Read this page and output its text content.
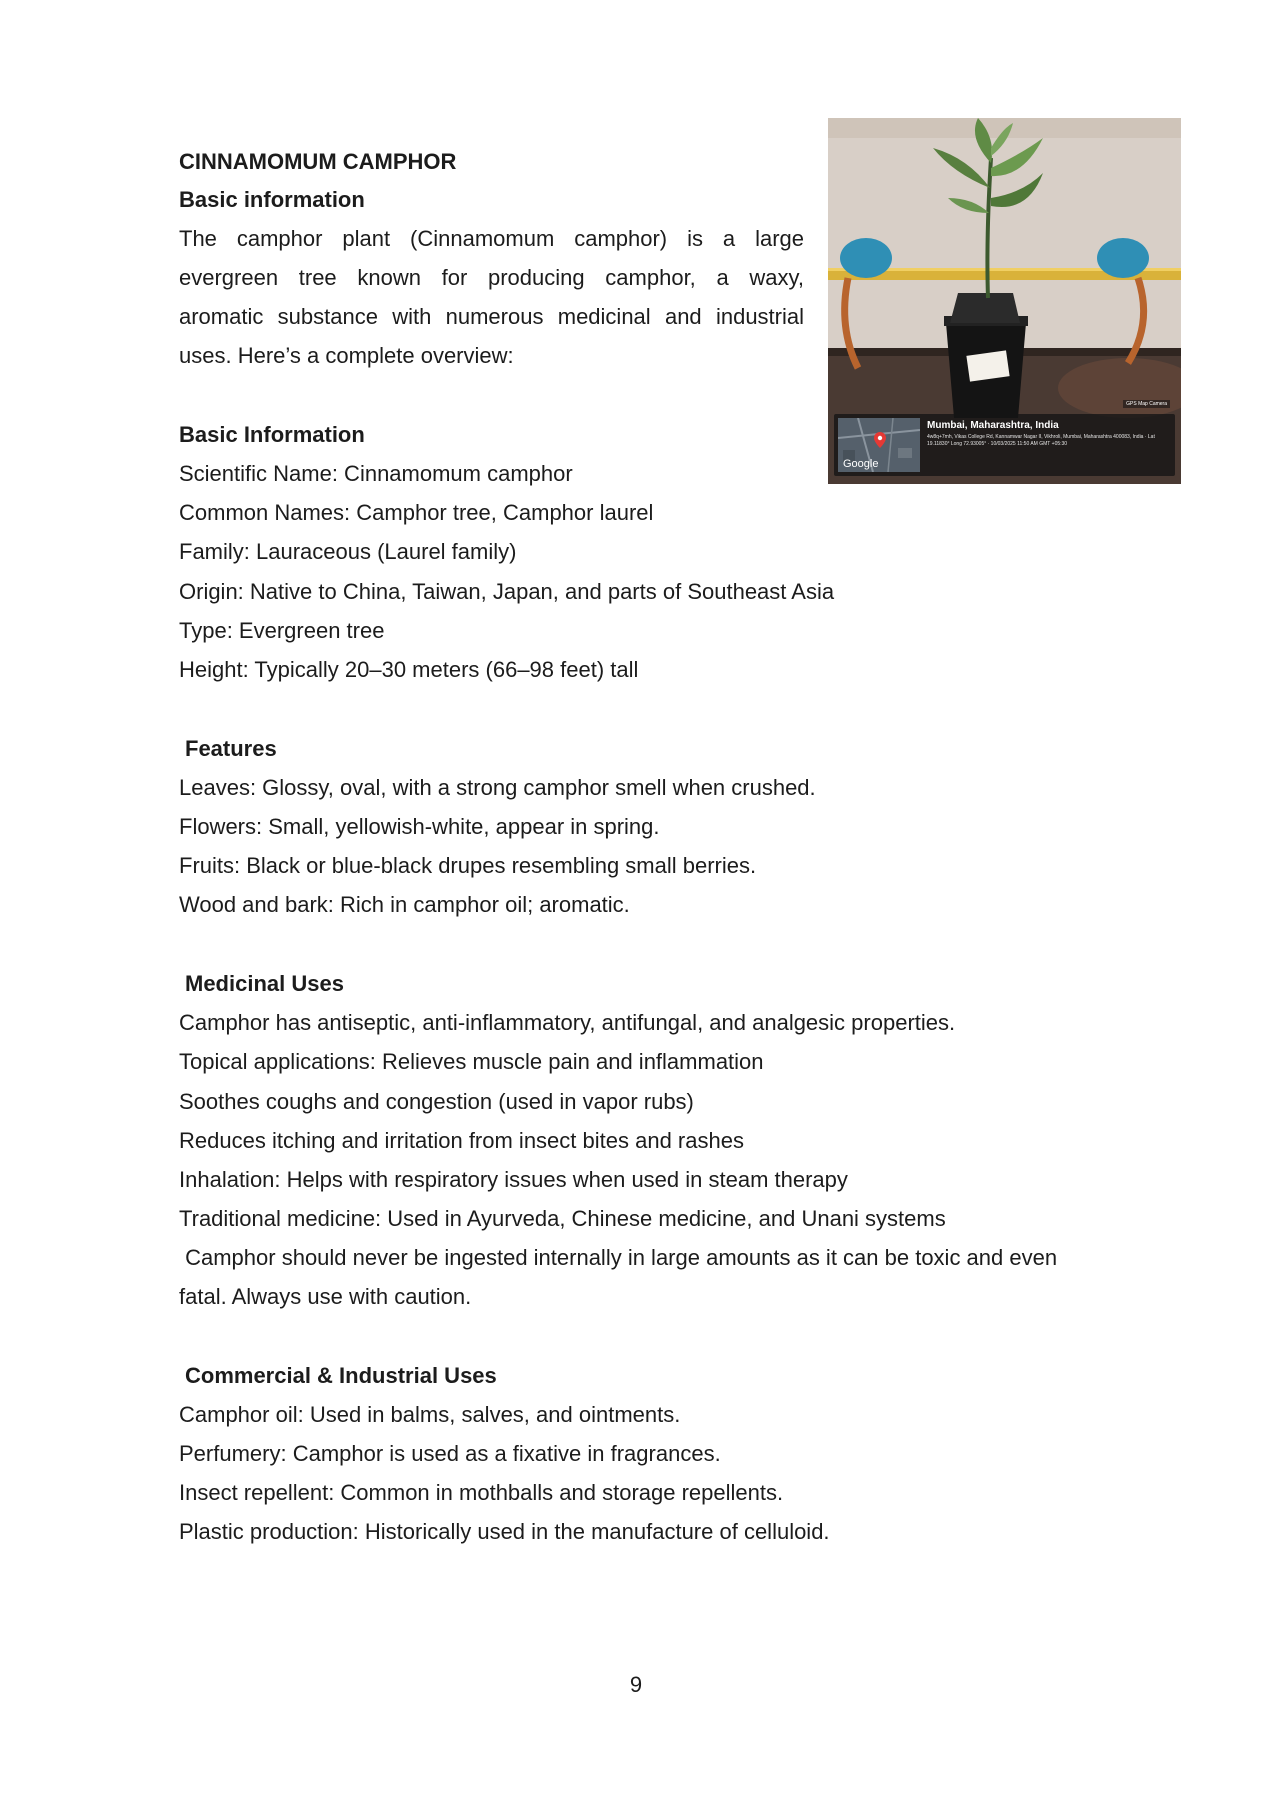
CINNAMOMUM CAMPHOR
Basic information
The camphor plant (Cinnamomum camphor) is a large
evergreen tree known for producing camphor, a waxy,
aromatic substance with numerous medicinal and industrial
uses. Here’s a complete overview:
Basic Information
Scientific Name: Cinnamomum camphor
Common Names: Camphor tree, Camphor laurel
Family: Lauraceous (Laurel family)
Origin: Native to China, Taiwan, Japan, and parts of Southeast Asia
Type: Evergreen tree
Height: Typically 20–30 meters (66–98 feet) tall
Features
Leaves: Glossy, oval, with a strong camphor smell when crushed.
Flowers: Small, yellowish-white, appear in spring.
Fruits: Black or blue-black drupes resembling small berries.
Wood and bark: Rich in camphor oil; aromatic.
Medicinal Uses
Camphor has antiseptic, anti-inflammatory, antifungal, and analgesic properties.
Topical applications: Relieves muscle pain and inflammation
Soothes coughs and congestion (used in vapor rubs)
Reduces itching and irritation from insect bites and rashes
Inhalation: Helps with respiratory issues when used in steam therapy
Traditional medicine: Used in Ayurveda, Chinese medicine, and Unani systems
Camphor should never be ingested internally in large amounts as it can be toxic and even
fatal. Always use with caution.
Commercial & Industrial Uses
Camphor oil: Used in balms, salves, and ointments.
Perfumery: Camphor is used as a fixative in fragrances.
Insect repellent: Common in mothballs and storage repellents.
Plastic production: Historically used in the manufacture of celluloid.
9
GPS Map Camera
Google
Mumbai, Maharashtra, India
4w8q+7mh, Vikas College Rd, Kannamwar Nagar II, Vikhroli, Mumbai, Maharashtra 400083, India · Lat 19.11830° Long 72.93005° · 10/03/2025 11:50 AM GMT +05:30
